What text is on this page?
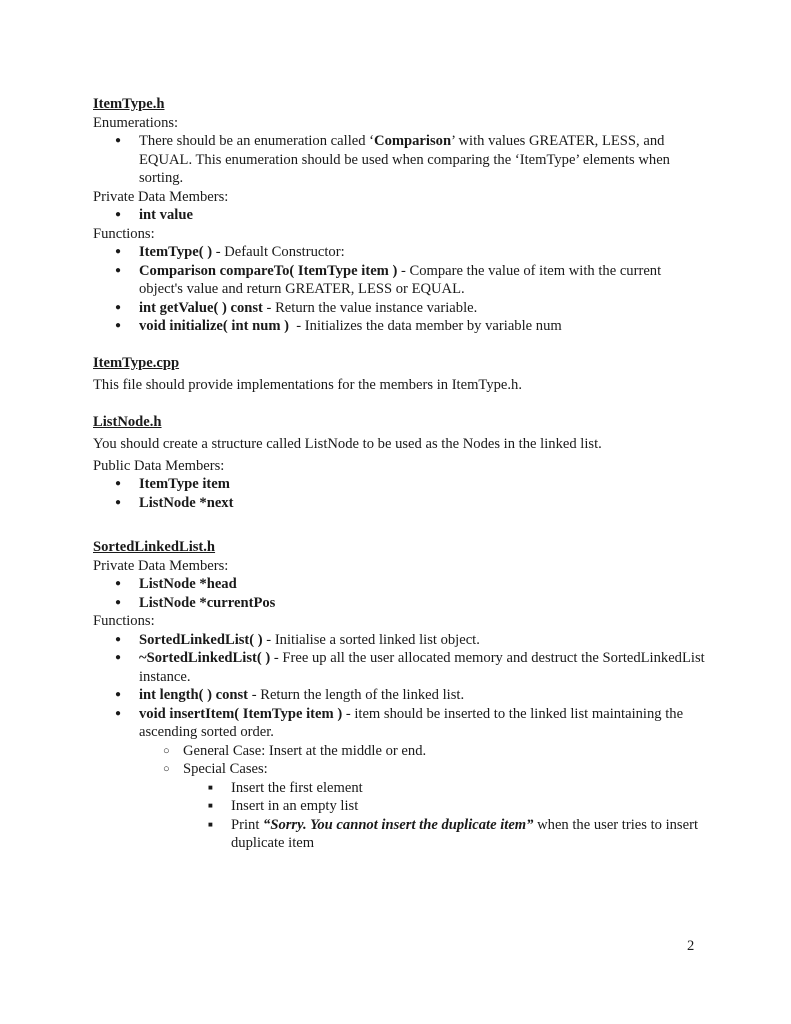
ItemType.h
Enumerations:
● There should be an enumeration called ‘Comparison’ with values GREATER, LESS, and EQUAL. This enumeration should be used when comparing the ‘ItemType’ elements when sorting.
Private Data Members:
● int value
Functions:
● ItemType( ) - Default Constructor:
● Comparison compareTo( ItemType item ) - Compare the value of item with the current object's value and return GREATER, LESS or EQUAL.
● int getValue( ) const - Return the value instance variable.
● void initialize( int num )  - Initializes the data member by variable num
ItemType.cpp
This file should provide implementations for the members in ItemType.h.
ListNode.h
You should create a structure called ListNode to be used as the Nodes in the linked list.
Public Data Members:
● ItemType item
● ListNode *next
SortedLinkedList.h
Private Data Members:
● ListNode *head
● ListNode *currentPos
Functions:
● SortedLinkedList( ) - Initialise a sorted linked list object.
● ~SortedLinkedList( ) - Free up all the user allocated memory and destruct the SortedLinkedList instance.
● int length( ) const - Return the length of the linked list.
● void insertItem( ItemType item ) - item should be inserted to the linked list maintaining the ascending sorted order.
○ General Case: Insert at the middle or end.
○ Special Cases:
■ Insert the first element
■ Insert in an empty list
■ Print “Sorry. You cannot insert the duplicate item” when the user tries to insert duplicate item
2
